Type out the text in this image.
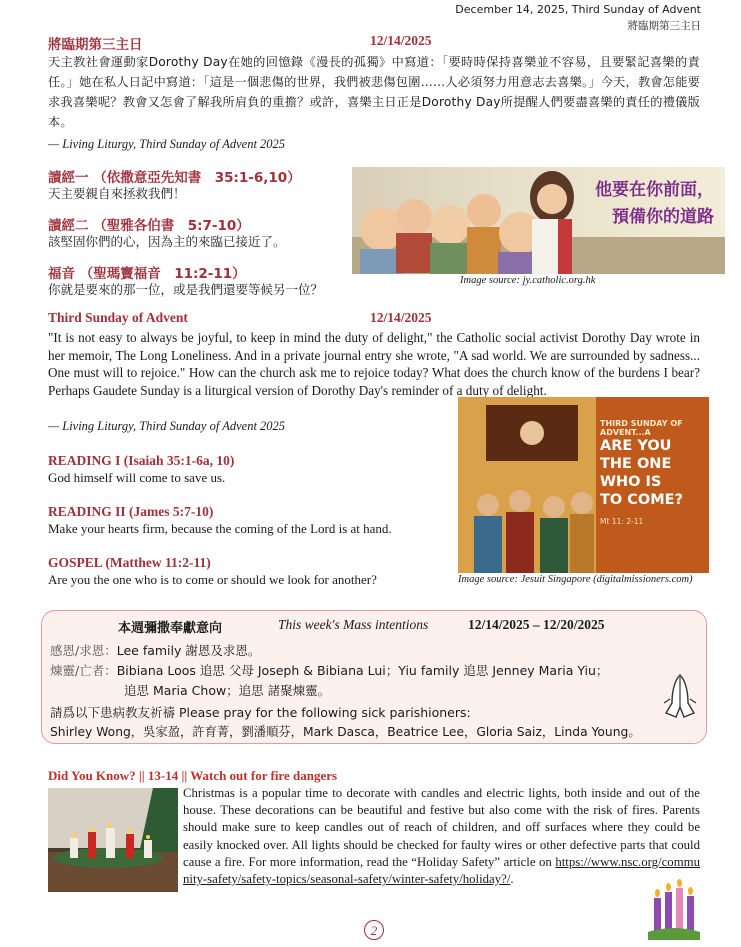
December 14, 2025, Third Sunday of Advent
將臨期第三主日
將臨期第三主日	12/14/2025
天主教社會運動家Dorothy Day在她的回憶錄《漫長的孤獨》中寫道：「要時時保持喜樂並不容易，且要緊記喜樂的責任。」她在私人日記中寫道：「這是一個悲傷的世界，我們被悲傷包圍……人必須努力用意志去喜樂。」今天，教會怎能要求我喜樂呢？教會又怎會了解我所肩負的重擔？或許，喜樂主日正是Dorothy Day所提醒人們要盡喜樂的責任的禮儀版本。
— Living Liturgy, Third Sunday of Advent 2025
讀經一 （依撒意亞先知書　35:1-6,10）
天主要親自來拯救我們！
讀經二 （聖雅各伯書　5:7-10）
該堅固你們的心，因為主的來臨已接近了。
福音 （聖瑪竇福音　11:2-11）
你就是要來的那一位，或是我們還要等候另一位？
他要在你前面，
預備你的道路
Image source: jy.catholic.org.hk
Third Sunday of Advent	12/14/2025
"It is not easy to always be joyful, to keep in mind the duty of delight," the Catholic social activist Dorothy Day wrote in her memoir, The Long Loneliness. And in a private journal entry she wrote, "A sad world. We are surrounded by sadness... One must will to rejoice." How can the church ask me to rejoice today? What does the church know of the burdens I bear? Perhaps Gaudete Sunday is a liturgical version of Dorothy Day's reminder of a duty of delight.
— Living Liturgy, Third Sunday of Advent 2025
READING I (Isaiah 35:1-6a, 10)
God himself will come to save us.
READING II (James 5:7-10)
Make your hearts firm, because the coming of the Lord is at hand.
GOSPEL (Matthew 11:2-11)
Are you the one who is to come or should we look for another?
THIRD SUNDAY OF ADVENT...A
ARE YOU
THE ONE
WHO IS
TO COME?
Mt 11: 2-11
Image source: Jesuit Singapore (digitalmissioners.com)
本週彌撒奉獻意向	This week's Mass intentions	12/14/2025 – 12/20/2025
感恩/求恩：Lee family 謝恩及求恩。
煉靈/亡者：Bibiana Loos 追思 父母 Joseph & Bibiana Lui；Yiu family 追思 Jenney Maria Yiu；
追思 Maria Chow；追思 諸聚煉靈。
請爲以下患病教友祈禱 Please pray for the following sick parishioners:
Shirley Wong，吳家盈，許育菁，劉潘順芬，Mark Dasca，Beatrice Lee，Gloria Saiz，Linda Young。
Did You Know? || 13-14 || Watch out for fire dangers
Christmas is a popular time to decorate with candles and electric lights, both inside and out of the house. These decorations can be beautiful and festive but also come with the risk of fires. Parents should make sure to keep candles out of reach of children, and off surfaces where they could be easily knocked over. All lights should be checked for faulty wires or other defective parts that could cause a fire. For more information, read the “Holiday Safety” article on https://www.nsc.org/community-safety/safety-topics/seasonal-safety/winter-safety/holiday?/.
2
